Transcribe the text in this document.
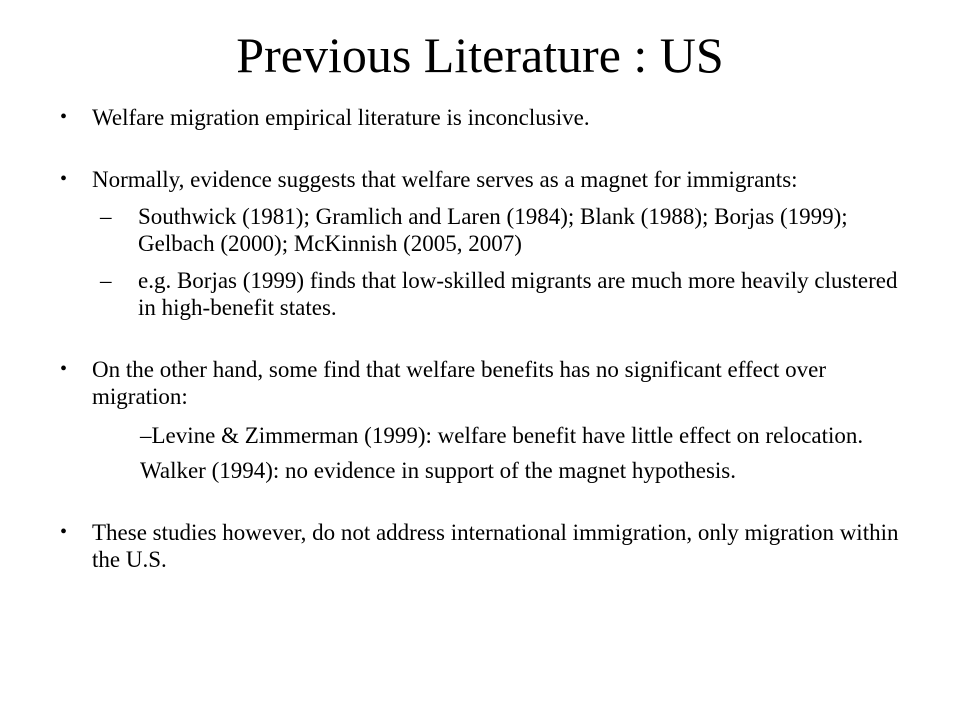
Previous Literature : US
• Welfare migration empirical literature is inconclusive.
• Normally, evidence suggests that welfare serves as a magnet for immigrants:
– Southwick (1981); Gramlich and Laren (1984); Blank (1988); Borjas (1999); Gelbach (2000); McKinnish (2005, 2007)
– e.g. Borjas (1999) finds that low-skilled migrants are much more heavily clustered in high-benefit states.
• On the other hand, some find that welfare benefits has no significant effect over migration:
–Levine & Zimmerman (1999): welfare benefit have little effect on relocation.
Walker (1994): no evidence in support of the magnet hypothesis.
• These studies however, do not address international immigration, only migration within the U.S.
